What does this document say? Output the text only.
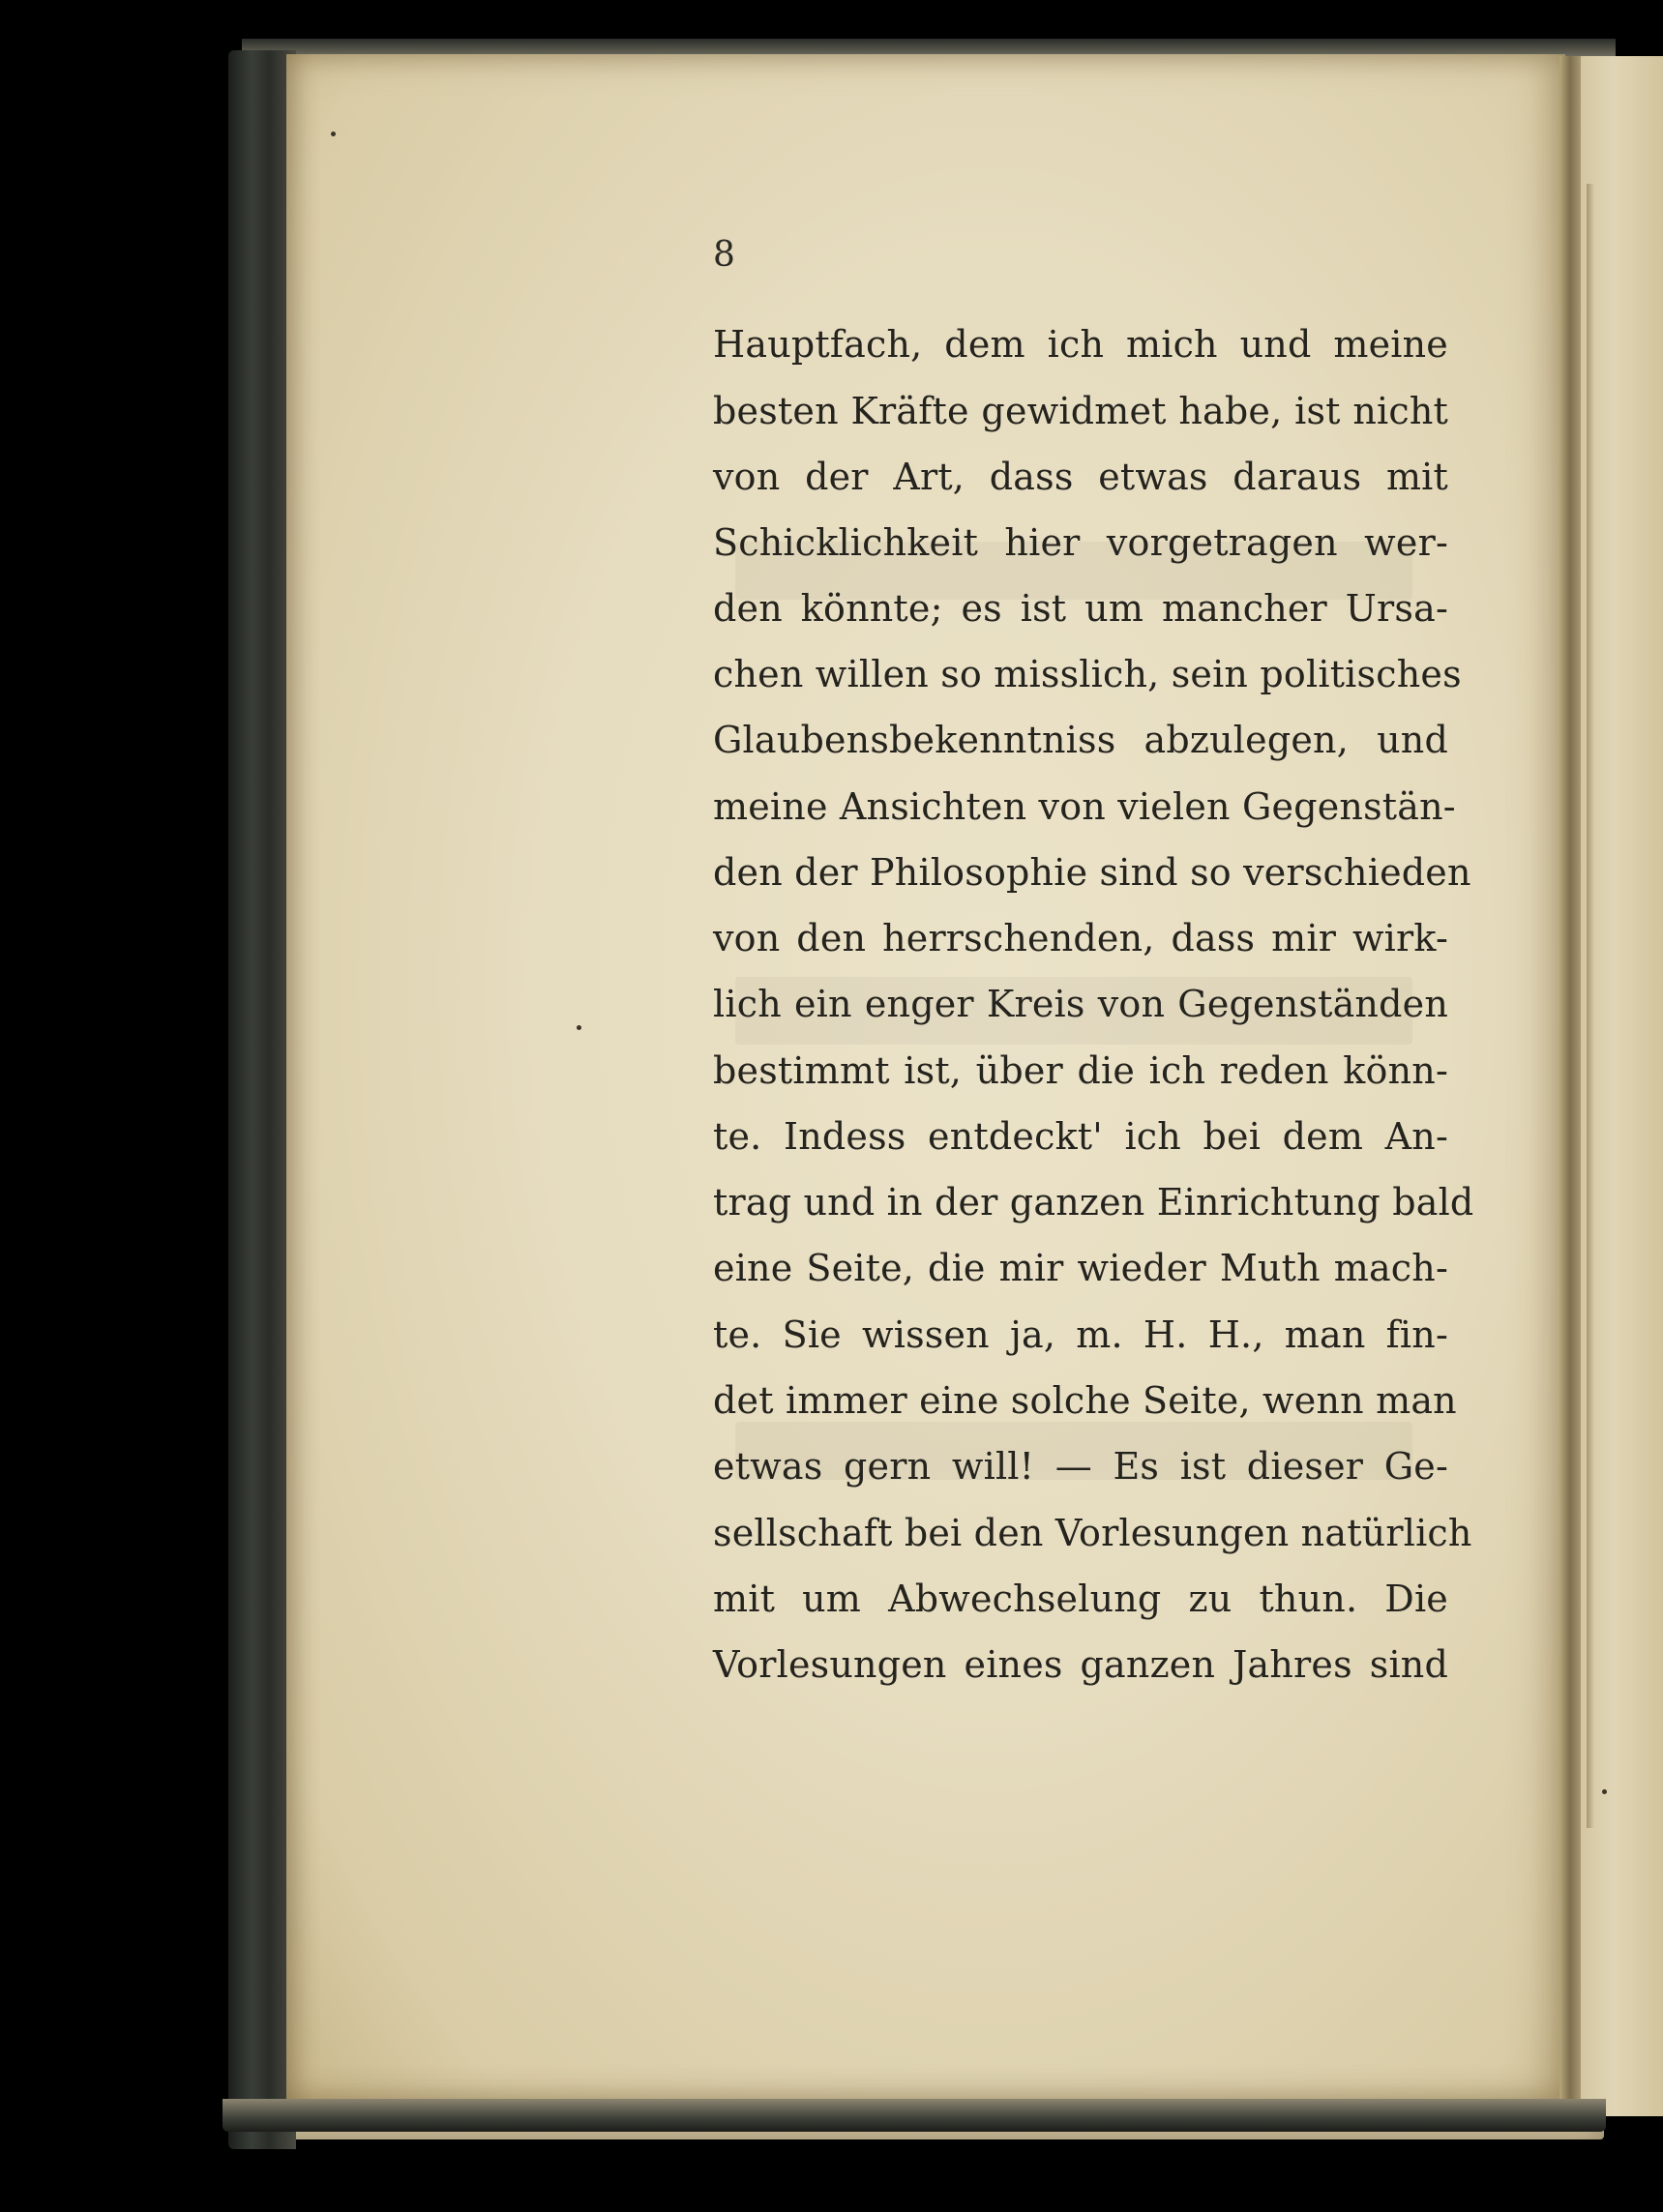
8
Hauptfach, dem ich mich und meine
besten Kräfte gewidmet habe, ist nicht
von der Art, dass etwas daraus mit
Schicklichkeit hier vorgetragen wer-
den könnte; es ist um mancher Ursa-
chen willen so misslich, sein politisches
Glaubensbekenntniss abzulegen, und
meine Ansichten von vielen Gegenstän-
den der Philosophie sind so verschieden
von den herrschenden, dass mir wirk-
lich ein enger Kreis von Gegenständen
bestimmt ist, über die ich reden könn-
te. Indess entdeckt' ich bei dem An-
trag und in der ganzen Einrichtung bald
eine Seite, die mir wieder Muth mach-
te. Sie wissen ja, m. H. H., man fin-
det immer eine solche Seite, wenn man
etwas gern will! — Es ist dieser Ge-
sellschaft bei den Vorlesungen natürlich
mit um Abwechselung zu thun. Die
Vorlesungen eines ganzen Jahres sind
